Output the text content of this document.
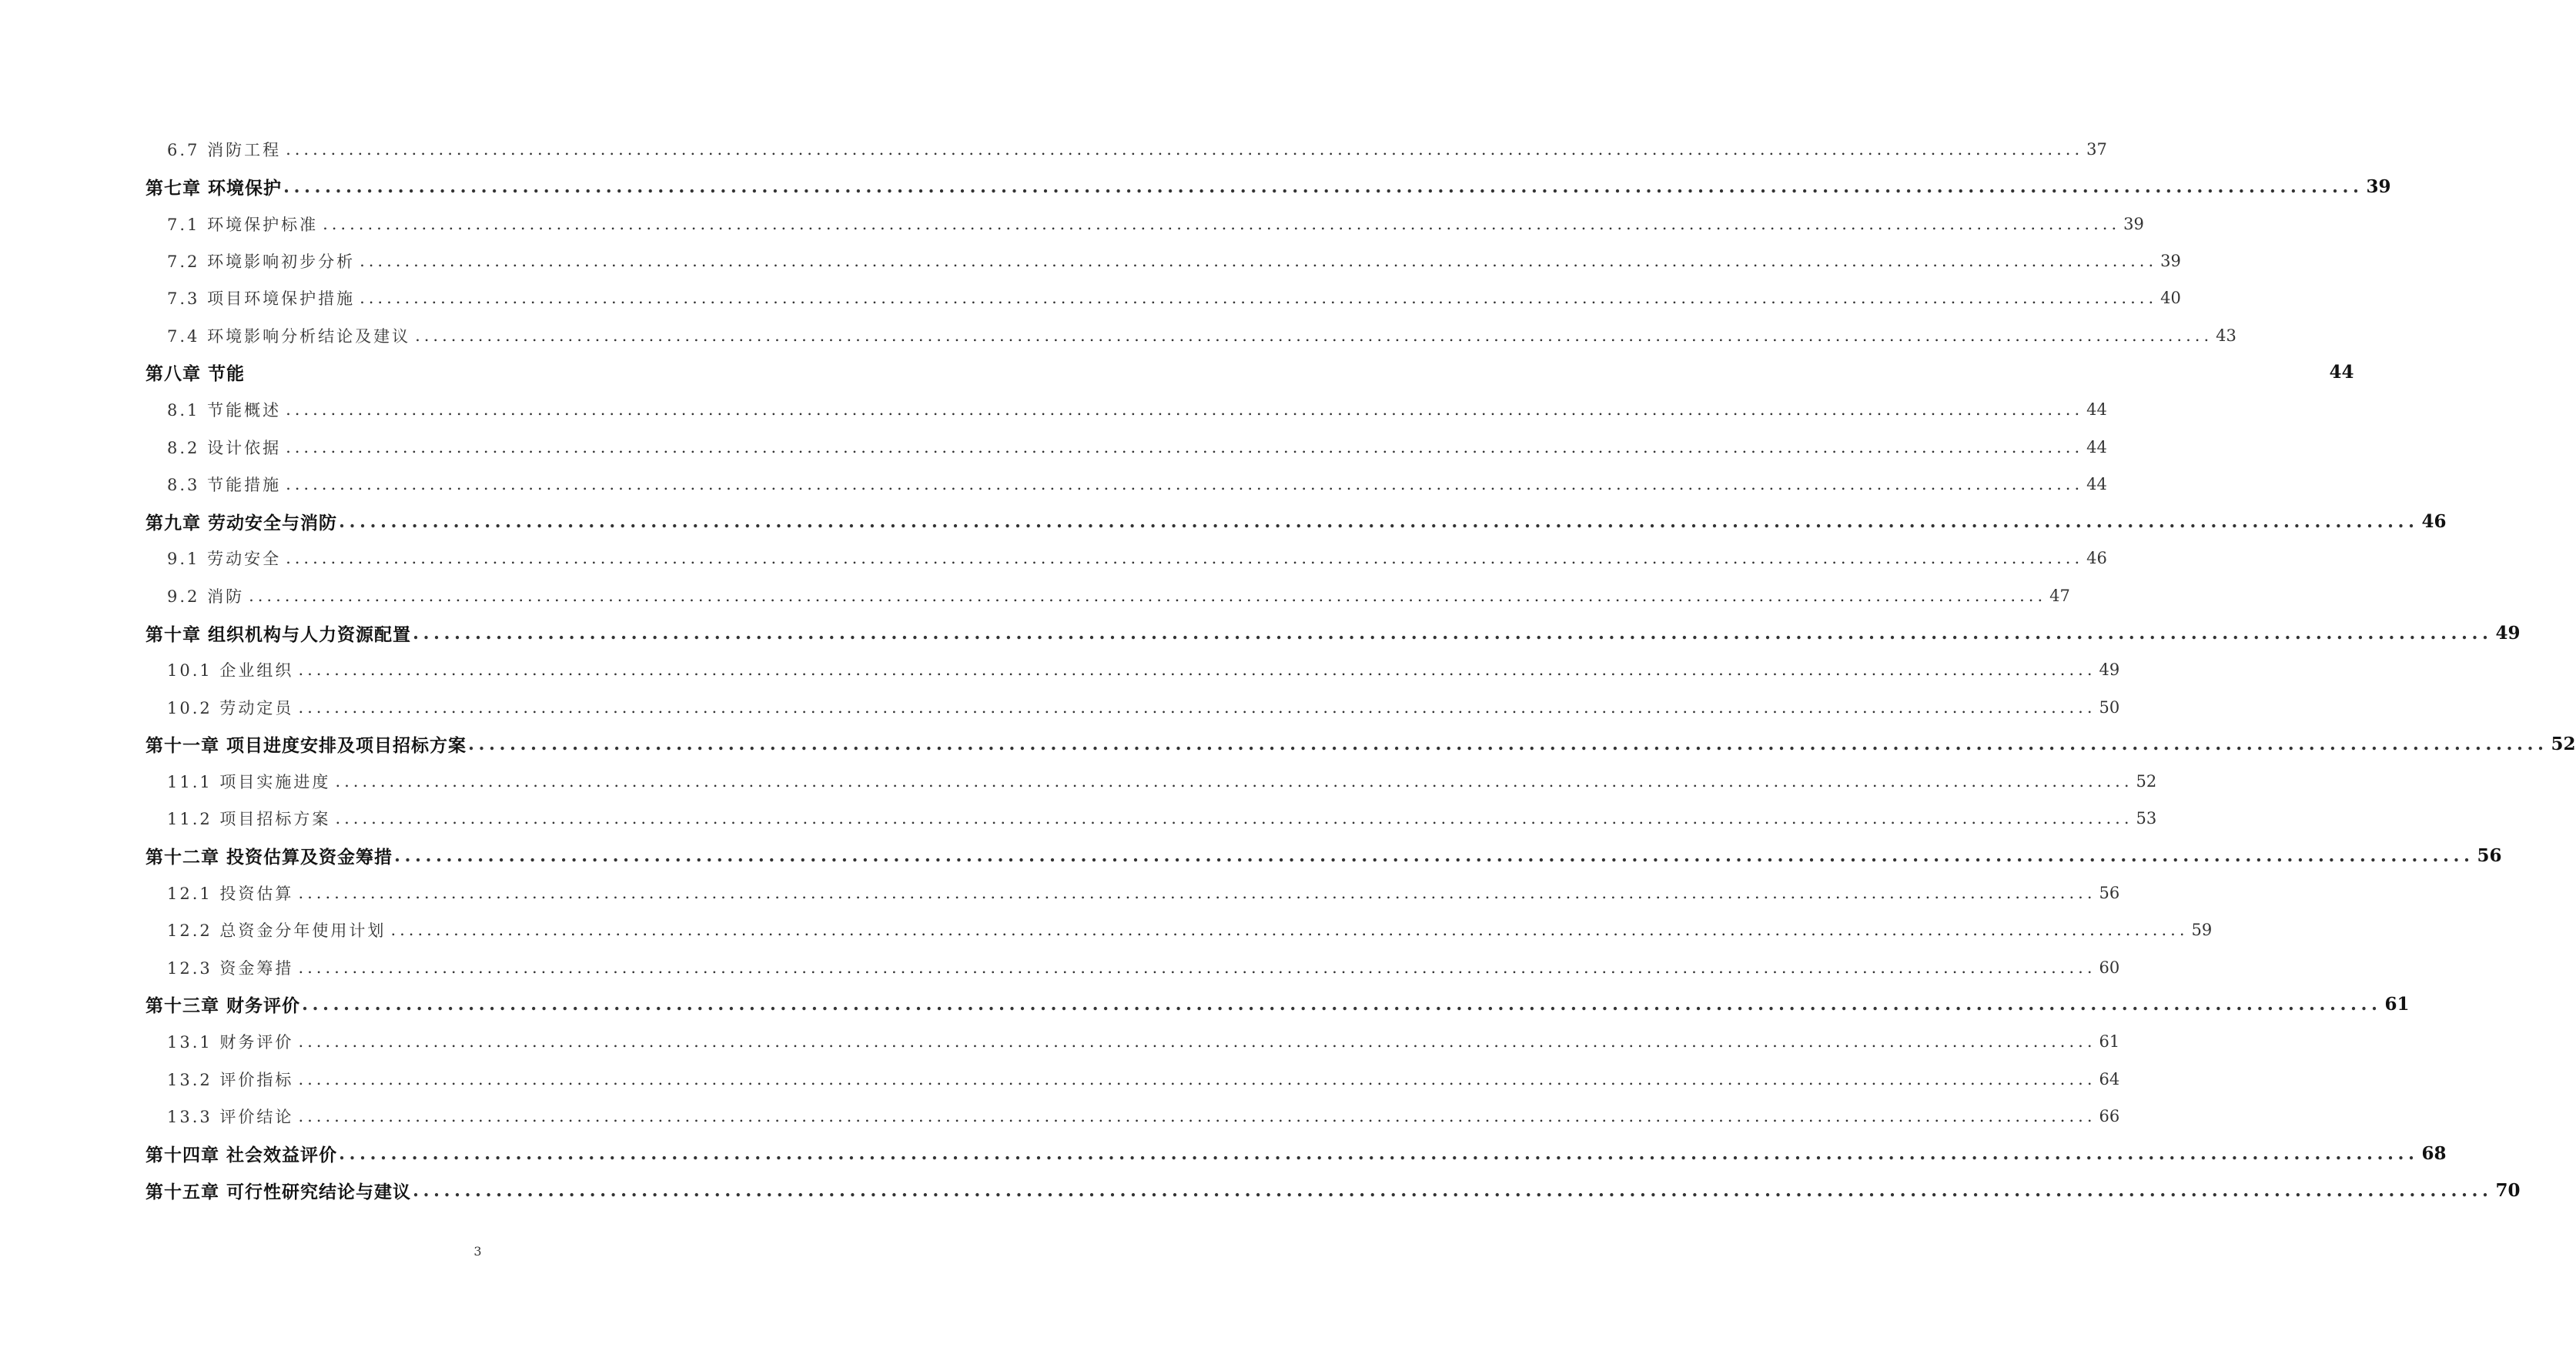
6.7 消防工程 ........................................................................................................................................................................................................ 37
第七章 环境保护 ........................................................................................................................................................................................................ 39
7.1 环境保护标准 ........................................................................................................................................................................................................ 39
7.2 环境影响初步分析 ........................................................................................................................................................................................................ 39
7.3 项目环境保护措施 ........................................................................................................................................................................................................ 40
7.4 环境影响分析结论及建议 ........................................................................................................................................................................................................ 43
第八章 节能	44
8.1 节能概述 ........................................................................................................................................................................................................ 44
8.2 设计依据 ........................................................................................................................................................................................................ 44
8.3 节能措施 ........................................................................................................................................................................................................ 44
第九章 劳动安全与消防 ........................................................................................................................................................................................................ 46
9.1 劳动安全 ........................................................................................................................................................................................................ 46
9.2 消防 ........................................................................................................................................................................................................ 47
第十章 组织机构与人力资源配置 ........................................................................................................................................................................................................ 49
10.1 企业组织 ........................................................................................................................................................................................................ 49
10.2 劳动定员 ........................................................................................................................................................................................................ 50
第十一章 项目进度安排及项目招标方案 ........................................................................................................................................................................................................ 52
11.1 项目实施进度 ........................................................................................................................................................................................................ 52
11.2 项目招标方案 ........................................................................................................................................................................................................ 53
第十二章 投资估算及资金筹措 ........................................................................................................................................................................................................ 56
12.1 投资估算 ........................................................................................................................................................................................................ 56
12.2 总资金分年使用计划 ........................................................................................................................................................................................................ 59
12.3 资金筹措 ........................................................................................................................................................................................................ 60
第十三章 财务评价 ........................................................................................................................................................................................................ 61
13.1 财务评价 ........................................................................................................................................................................................................ 61
13.2 评价指标 ........................................................................................................................................................................................................ 64
13.3 评价结论 ........................................................................................................................................................................................................ 66
第十四章 社会效益评价 ........................................................................................................................................................................................................ 68
第十五章 可行性研究结论与建议 ........................................................................................................................................................................................................ 70
3
